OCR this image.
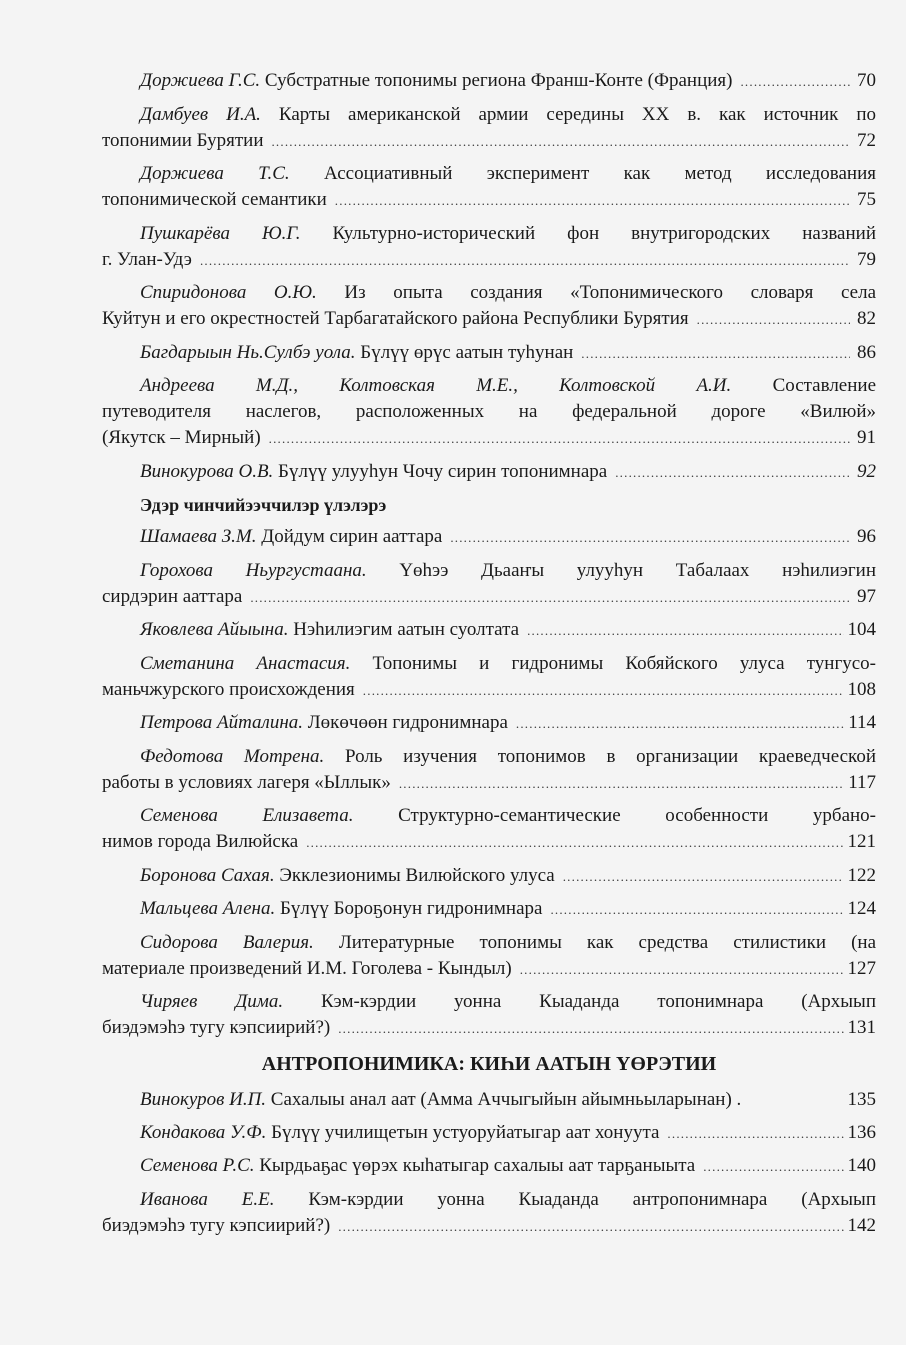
Доржиева Г.С. Субстратные топонимы региона Франш-Конте (Франция) .....	70
Дамбуев И.А. Карты американской армии середины XX в. как источник по
топонимии Бурятии .....	72
Доржиева Т.С. Ассоциативный эксперимент как метод исследования
топонимической семантики .....	75
Пушкарёва Ю.Г. Культурно-исторический фон внутригородских названий
г. Улан-Удэ .....	79
Спиридонова О.Ю. Из опыта создания «Топонимического словаря села
Куйтун и его окрестностей Тарбагатайского района Республики Бурятия .....	82
Багдарыын Нь.Сулбэ уола. Бүлүү өрүс аатын туһунан .....	86
Андреева М.Д., Колтовская М.Е., Колтовской А.И. Составление
путеводителя наслегов, расположенных на федеральной дороге «Вилюй»
(Якутск – Мирный) .....	91
Винокурова О.В. Бүлүү улууһун Чочу сирин топонимнара .....	92
Эдэр чинчийээччилэр үлэлэрэ
Шамаева З.М. Дойдум сирин ааттара .....	96
Горохова Ньургустаана. Үөһээ Дьааҥы улууһун Табалаах нэһилиэгин
сирдэрин ааттара .....	97
Яковлева Айыына. Нэһилиэгим аатын суолтата .....	104
Сметанина Анастасия. Топонимы и гидронимы Кобяйского улуса тунгусо-
маньчжурского происхождения .....	108
Петрова Айталина. Лөкөчөөн гидронимнара .....	114
Федотова Мотрена. Роль изучения топонимов в организации краеведческой
работы в условиях лагеря «Ыллык» .....	117
Семенова Елизавета. Структурно-семантические особенности урбано-
нимов города Вилюйска .....	121
Боронова Сахая. Экклезионимы Вилюйского улуса .....	122
Мальцева Алена. Бүлүү Бороҕонун гидронимнара .....	124
Сидорова Валерия. Литературные топонимы как средства стилистики (на
материале произведений И.М. Гоголева - Кындыл) .....	127
Чиряев Дима. Кэм-кэрдии уонна Кыаданда топонимнара (Архыып
биэдэмэһэ тугу кэпсиирий?) .....	131
АНТРОПОНИМИКА: КИҺИ ААТЫН ҮӨРЭТИИ
Винокуров И.П. Сахалыы анал аат (Амма Аччыгыйын айымньыларынан) .	135
Кондакова У.Ф. Бүлүү училищетын устуоруйатыгар аат хонуута .....	136
Семенова Р.С. Кырдьаҕас үөрэх кыһатыгар сахалыы аат тарҕаныыта .....	140
Иванова Е.Е. Кэм-кэрдии уонна Кыаданда антропонимнара (Архыып
биэдэмэһэ тугу кэпсиирий?) .....	142
